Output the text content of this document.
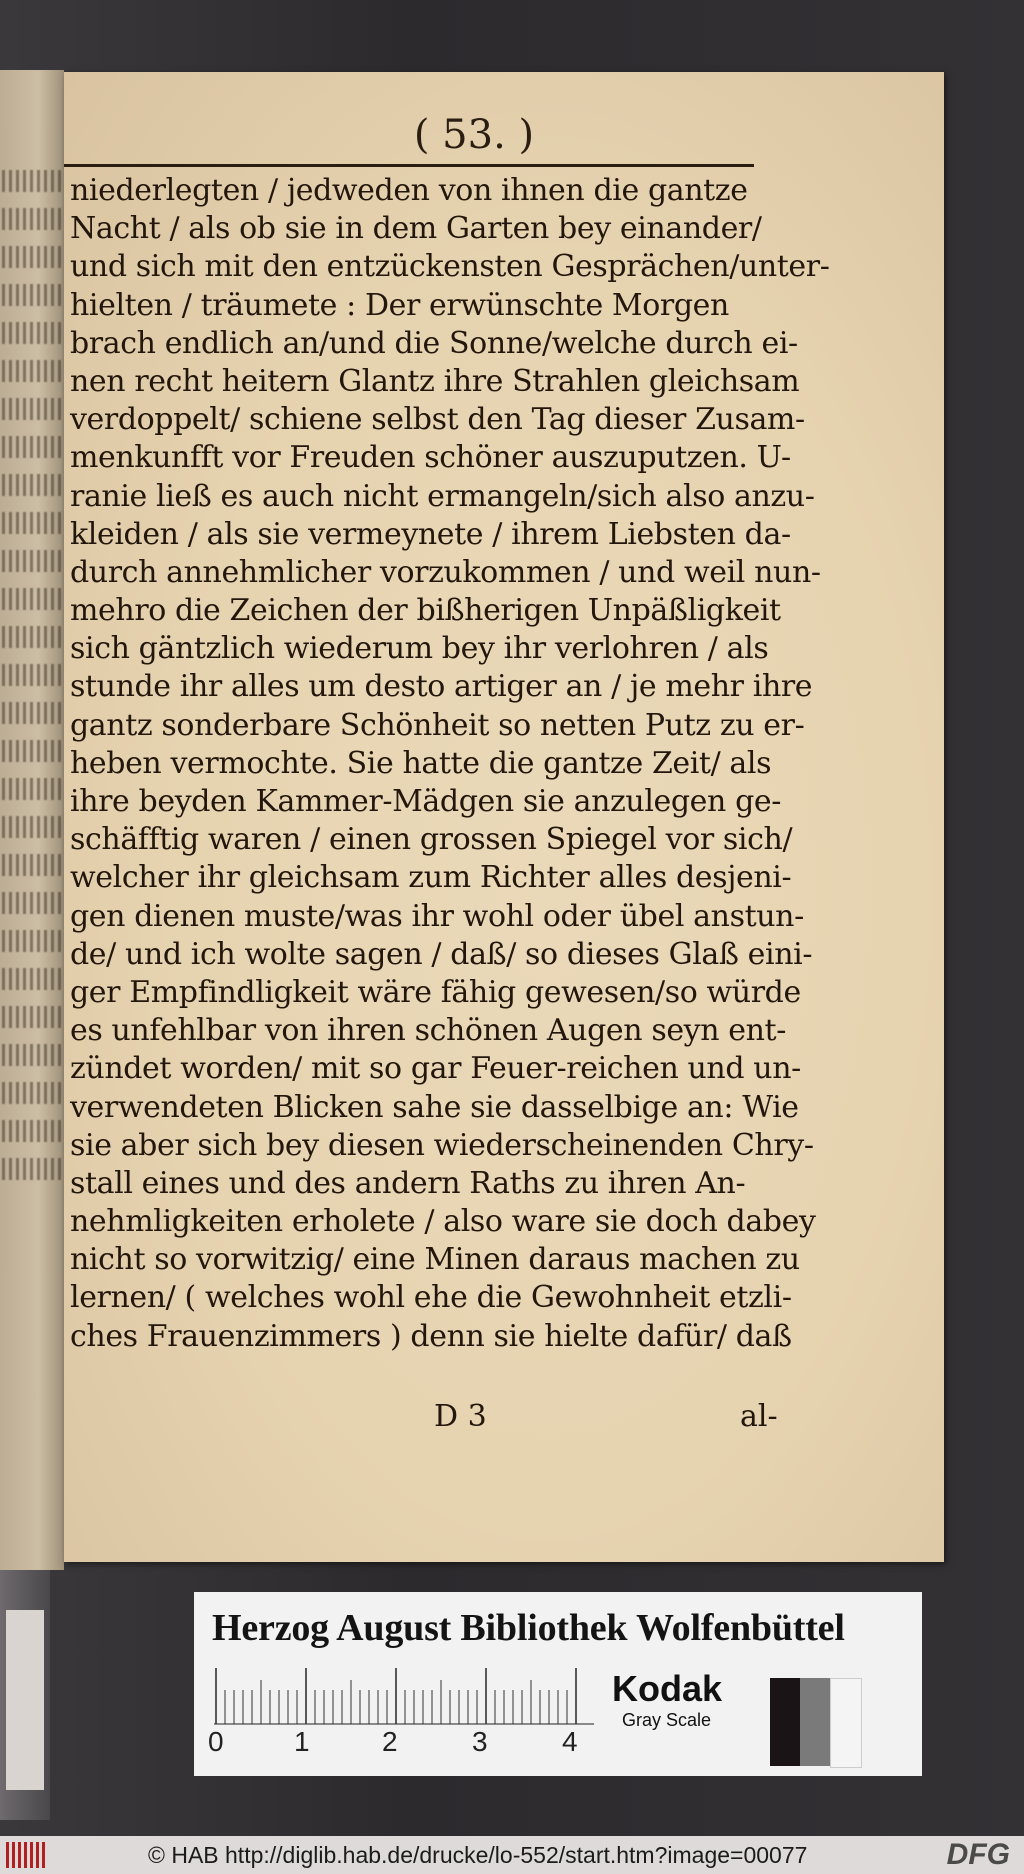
( 53. )
niederlegten / jedweden von ihnen die gantze
Nacht / als ob sie in dem Garten bey einander/
und sich mit den entzückensten Gesprächen/unter-
hielten / träumete : Der erwünschte Morgen
brach endlich an/und die Sonne/welche durch ei-
nen recht heitern Glantz ihre Strahlen gleichsam
verdoppelt/ schiene selbst den Tag dieser Zusam-
menkunfft vor Freuden schöner auszuputzen. U-
ranie ließ es auch nicht ermangeln/sich also anzu-
kleiden / als sie vermeynete / ihrem Liebsten da-
durch annehmlicher vorzukommen / und weil nun-
mehro die Zeichen der bißherigen Unpäßligkeit
sich gäntzlich wiederum bey ihr verlohren / als
stunde ihr alles um desto artiger an / je mehr ihre
gantz sonderbare Schönheit so netten Putz zu er-
heben vermochte. Sie hatte die gantze Zeit/ als
ihre beyden Kammer-Mädgen sie anzulegen ge-
schäfftig waren / einen grossen Spiegel vor sich/
welcher ihr gleichsam zum Richter alles desjeni-
gen dienen muste/was ihr wohl oder übel anstun-
de/ und ich wolte sagen / daß/ so dieses Glaß eini-
ger Empfindligkeit wäre fähig gewesen/so würde
es unfehlbar von ihren schönen Augen seyn ent-
zündet worden/ mit so gar Feuer-reichen und un-
verwendeten Blicken sahe sie dasselbige an: Wie
sie aber sich bey diesen wiederscheinenden Chry-
stall eines und des andern Raths zu ihren An-
nehmligkeiten erholete / also ware sie doch dabey
nicht so vorwitzig/ eine Minen daraus machen zu
lernen/ ( welches wohl ehe die Gewohnheit etzli-
ches Frauenzimmers ) denn sie hielte dafür/ daß
D 3	al-
Herzog August Bibliothek Wolfenbüttel
0	1	2	3	4
Kodak
Gray Scale
© HAB http://diglib.hab.de/drucke/lo-552/start.htm?image=00077	DFG
